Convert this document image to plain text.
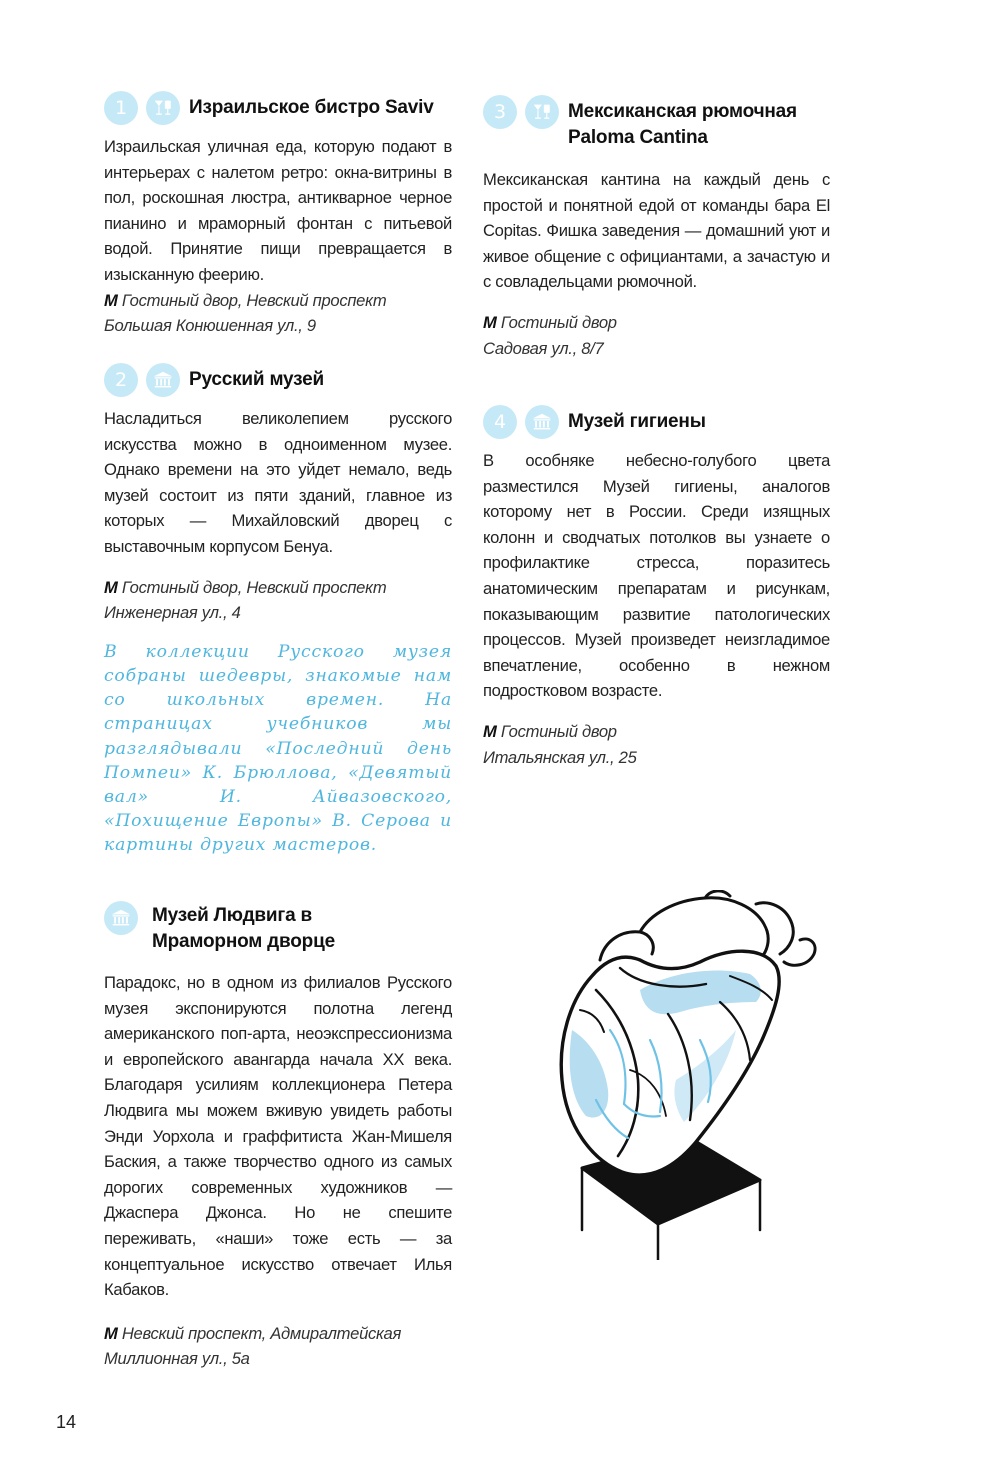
1	Израильское бистро Saviv

Израильская уличная еда, которую подают в интерьерах с налетом ретро: окна-витрины в пол, роскошная люстра, антикварное черное пианино и мраморный фонтан с питьевой водой. Принятие пищи превращается в изысканную феерию.

М Гостиный двор, Невский проспект
Большая Конюшенная ул., 9
2	Русский музей

Насладиться великолепием русского искусства можно в одноименном музее. Однако времени на это уйдет немало, ведь музей состоит из пяти зданий, главное из которых — Михайловский дворец с выставочным корпусом Бенуа.

М Гостиный двор, Невский проспект
Инженерная ул., 4

В коллекции Русского музея собраны шедевры, знакомые нам со школьных времен. На страницах учебников мы разглядывали «Последний день Помпеи» К. Брюллова, «Девятый вал» И. Айвазовского, «Похищение Европы» В. Серова и картины других мастеров.

3	Мексиканская рюмочная Paloma Cantina

Мексиканская кантина на каждый день с простой и понятной едой от команды бара El Copitas. Фишка заведения — домашний уют и живое общение с официантами, а зачастую и с совладельцами рюмочной.

М Гостиный двор
Садовая ул., 8/7
4	Музей гигиены

В особняке небесно-голубого цвета разместился Музей гигиены, аналогов которому нет в России. Среди изящных колонн и сводчатых потолков вы узнаете о профилактике стресса, поразитесь анатомическим препаратам и рисункам, показывающим развитие патологических процессов. Музей произведет неизгладимое впечатление, особенно в нежном подростковом возрасте.

М Гостиный двор
Итальянская ул., 25
Музей Людвига в Мраморном дворце

Парадокс, но в одном из филиалов Русского музея экспонируются полотна легенд американского поп-арта, неоэкспрессионизма и европейского авангарда начала XX века. Благодаря усилиям коллекционера Петера Людвига мы можем вживую увидеть работы Энди Уорхола и граффитиста Жан-Мишеля Баския, а также творчество одного из самых дорогих современных художников — Джаспера Джонса. Но не спешите переживать, «наши» тоже есть — за концептуальное искусство отвечает Илья Кабаков.

М Невский проспект, Адмиралтейская
Миллионная ул., 5а
14
